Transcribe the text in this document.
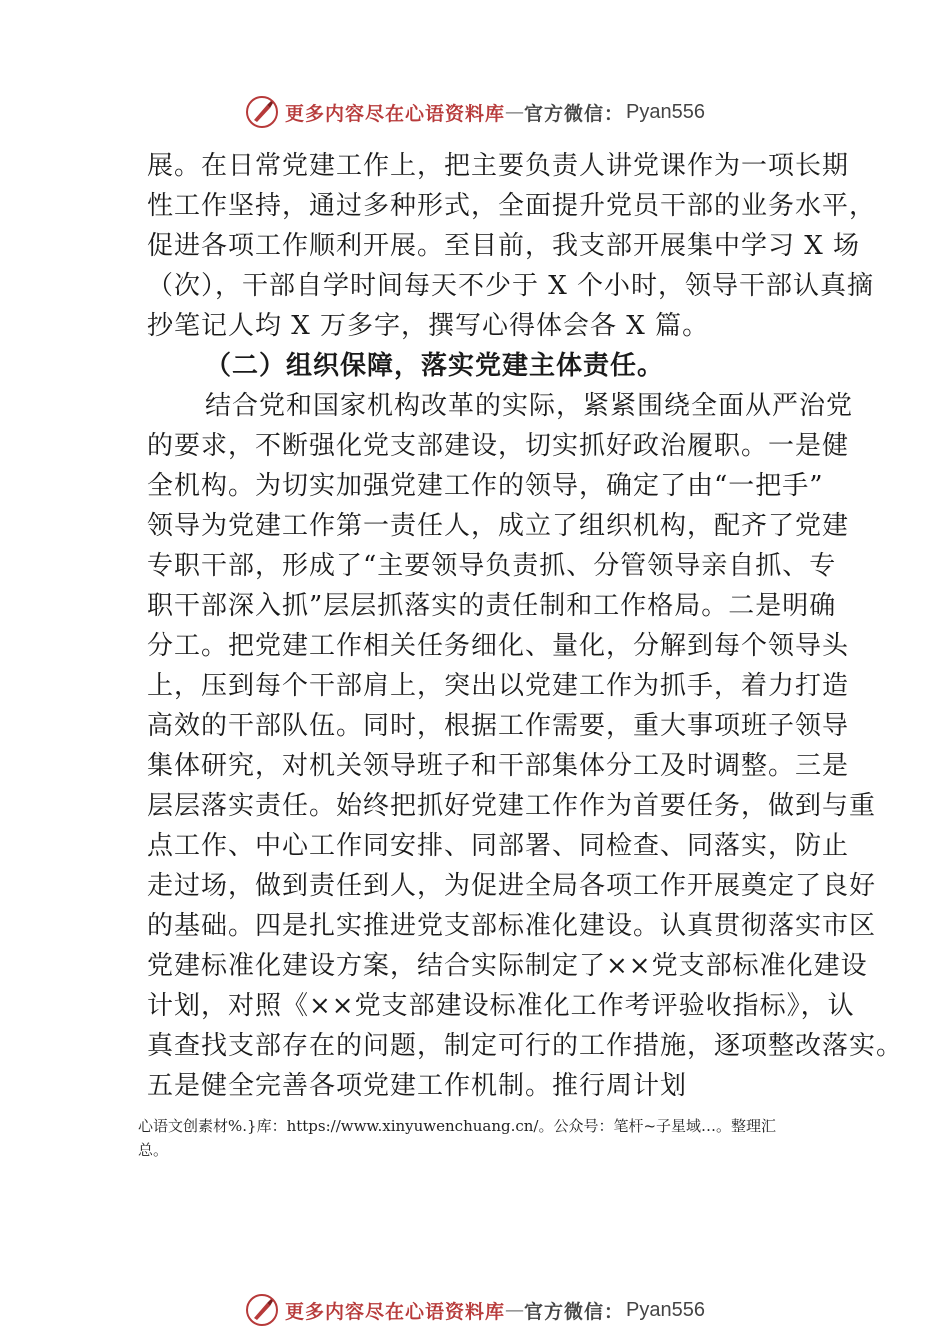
更多内容尽在心语资料库 — 官方微信： Pyan556
展。在日常党建工作上，把主要负责人讲党课作为一项长期
性工作坚持，通过多种形式，全面提升党员干部的业务水平，
促进各项工作顺利开展。至目前，我支部开展集中学习 X 场
（次），干部自学时间每天不少于 X 个小时，领导干部认真摘
抄笔记人均 X 万多字，撰写心得体会各 X 篇。
（二）组织保障，落实党建主体责任。
结合党和国家机构改革的实际，紧紧围绕全面从严治党
的要求，不断强化党支部建设，切实抓好政治履职。一是健
全机构。为切实加强党建工作的领导，确定了由“一把手”
领导为党建工作第一责任人，成立了组织机构，配齐了党建
专职干部，形成了“主要领导负责抓、分管领导亲自抓、专
职干部深入抓”层层抓落实的责任制和工作格局。二是明确
分工。把党建工作相关任务细化、量化，分解到每个领导头
上，压到每个干部肩上，突出以党建工作为抓手，着力打造
高效的干部队伍。同时，根据工作需要，重大事项班子领导
集体研究，对机关领导班子和干部集体分工及时调整。三是
层层落实责任。始终把抓好党建工作作为首要任务，做到与重
点工作、中心工作同安排、同部署、同检查、同落实，防止
走过场，做到责任到人，为促进全局各项工作开展奠定了良好
的基础。四是扎实推进党支部标准化建设。认真贯彻落实市区
党建标准化建设方案，结合实际制定了××党支部标准化建设
计划，对照《××党支部建设标准化工作考评验收指标》，认
真查找支部存在的问题，制定可行的工作措施，逐项整改落实。
五是健全完善各项党建工作机制。推行周计划
心语文创素材%.}库：https://www.xinyuwenchuang.cn/。公众号：笔杆~子星域…。整理汇
总。
更多内容尽在心语资料库 — 官方微信： Pyan556
